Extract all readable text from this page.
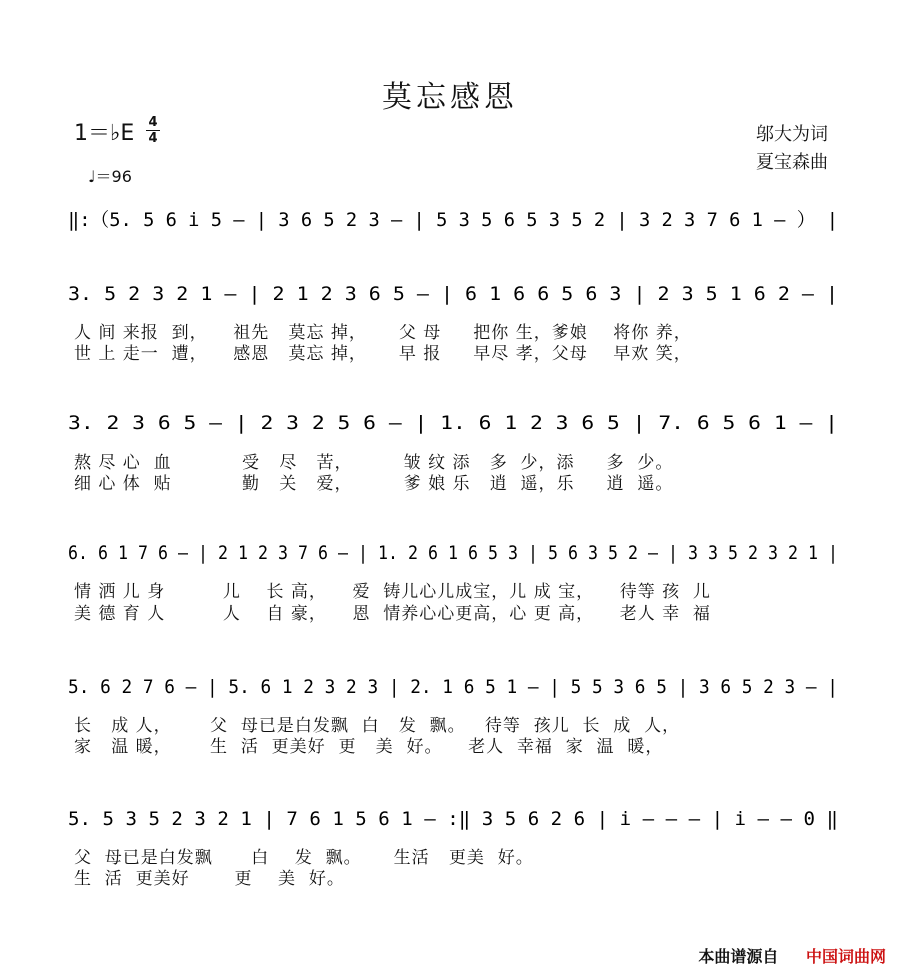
莫忘感恩
1＝♭E 4
4
♩＝96
邬大为词
夏宝森曲
‖:（5. 5 6 i 5 – | 3 6 5 2 3 – | 5 3 5 6 5 3 5 2 | 3 2 3 7 6 1 – ） |
3. 5 2 3 2 1 – | 2 1 2 3 6 5 – | 6 1 6 6 5 6 3 | 2 3 5 1 6 2 – |
人 间 来报  到，    祖先   莫忘 掉，     父 母     把你 生，爹娘    将你 养，
世 上 走一  遭，    感恩   莫忘 掉，     早 报     早尽 孝，父母    早欢 笑，
3. 2 3 6 5 – | 2 3 2 5 6 – | 1. 6 1 2 3 6 5 | 7. 6 5 6 1 – |
熬 尽 心  血           受   尽   苦，        皱 纹 添   多  少，添     多  少。
细 心 体  贴           勤   关   爱，        爹 娘 乐   逍  遥，乐     逍  遥。
6. 6 1 7 6 – | 2 1 2 3 7 6 – | 1. 2 6 1 6 5 3 | 5 6 3 5 2 – | 3 3 5 2 3 2 1 |
情 洒 儿 身         儿    长 高，    爱  铸儿心儿成宝，儿 成 宝，    待等 孩  儿
美 德 育 人         人    自 豪，    恩  情养心心更高，心 更 高，    老人 幸  福
5. 6 2 7 6 – | 5. 6 1 2 3 2 3 | 2. 1 6 5 1 – | 5 5 3 6 5 | 3 6 5 2 3 – |
长   成 人，      父  母已是白发飘  白   发  飘。   待等  孩儿  长  成  人，
家   温 暖，      生  活  更美好  更   美  好。    老人  幸福  家  温  暖，
5. 5 3 5 2 3 2 1 | 7 6 1 5 6 1 – :‖ 3 5 6 2 6 | i – – – | i – – 0 ‖
父  母已是白发飘      白    发  飘。     生活   更美  好。
生  活  更美好       更    美  好。
本曲谱源自 中国词曲网
